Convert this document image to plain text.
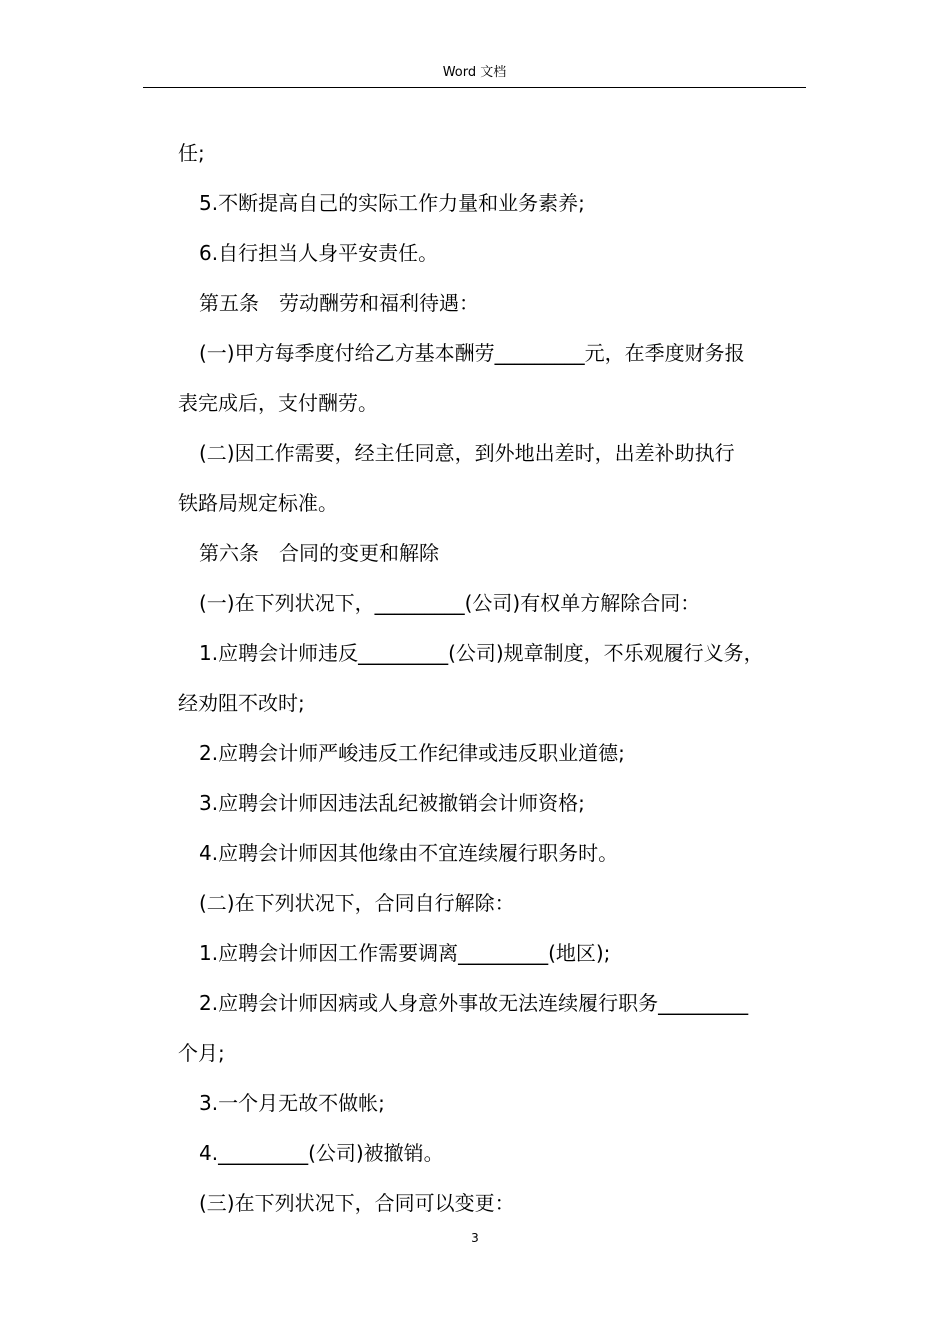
Word 文档
任;
5.不断提高自己的实际工作力量和业务素养;
6.自行担当人身平安责任。
第五条　劳动酬劳和福利待遇：
(一)甲方每季度付给乙方基本酬劳_________元，在季度财务报
表完成后，支付酬劳。
(二)因工作需要，经主任同意，到外地出差时，出差补助执行
铁路局规定标准。
第六条　合同的变更和解除
(一)在下列状况下，_________(公司)有权单方解除合同：
1.应聘会计师违反_________(公司)规章制度，不乐观履行义务，
经劝阻不改时;
2.应聘会计师严峻违反工作纪律或违反职业道德;
3.应聘会计师因违法乱纪被撤销会计师资格;
4.应聘会计师因其他缘由不宜连续履行职务时。
(二)在下列状况下，合同自行解除：
1.应聘会计师因工作需要调离_________(地区);
2.应聘会计师因病或人身意外事故无法连续履行职务_________
个月;
3.一个月无故不做帐;
4._________(公司)被撤销。
(三)在下列状况下，合同可以变更：
3
